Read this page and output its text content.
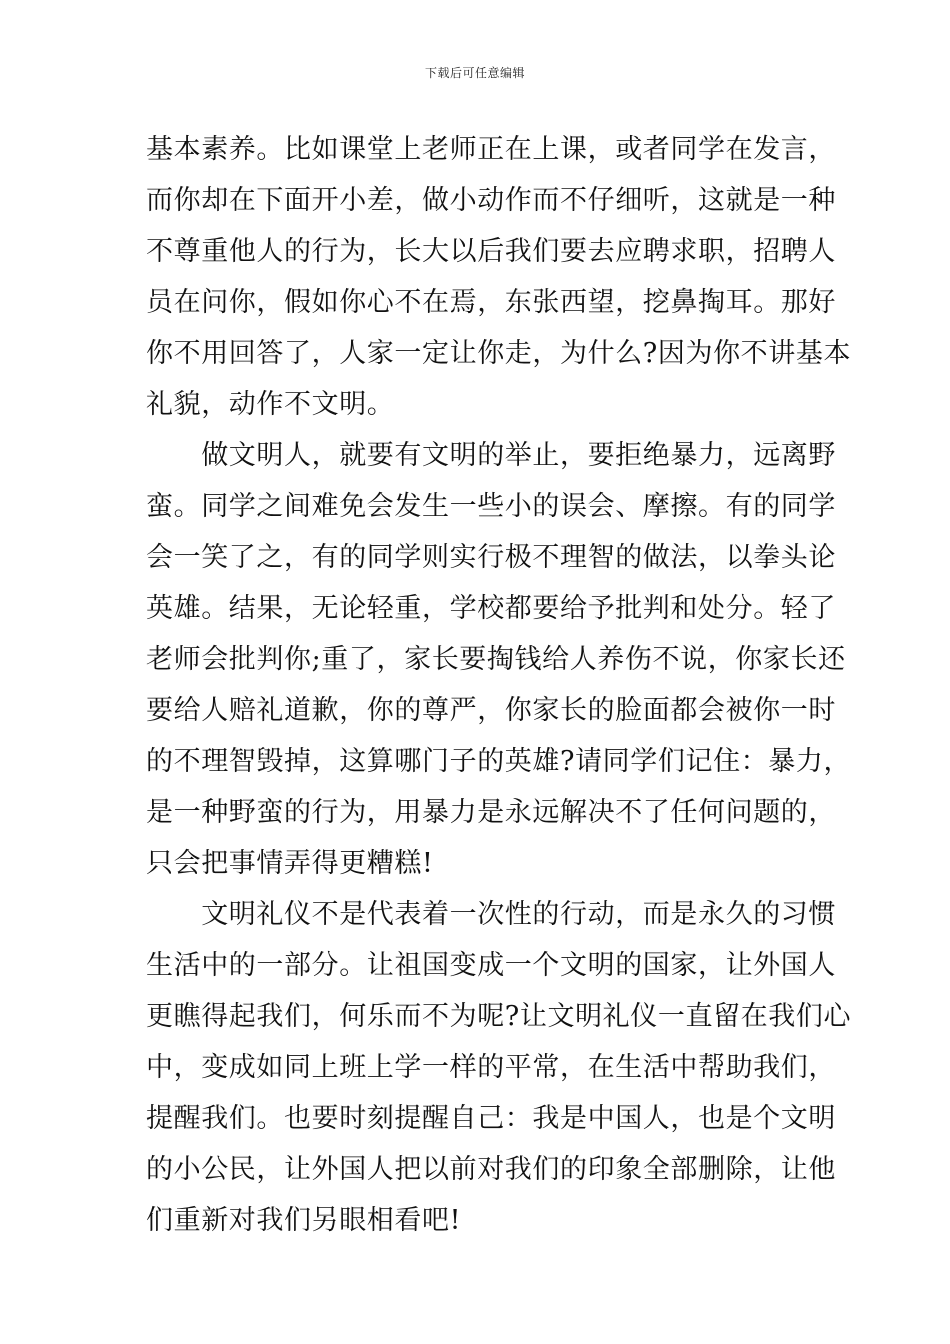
下载后可任意编辑
基本素养。比如课堂上老师正在上课，或者同学在发言，
而你却在下面开小差，做小动作而不仔细听，这就是一种
不尊重他人的行为，长大以后我们要去应聘求职，招聘人
员在问你，假如你心不在焉，东张西望，挖鼻掏耳。那好
你不用回答了，人家一定让你走，为什么?因为你不讲基本
礼貌，动作不文明。
　　做文明人，就要有文明的举止，要拒绝暴力，远离野
蛮。同学之间难免会发生一些小的误会、摩擦。有的同学
会一笑了之，有的同学则实行极不理智的做法，以拳头论
英雄。结果，无论轻重，学校都要给予批判和处分。轻了
老师会批判你;重了，家长要掏钱给人养伤不说，你家长还
要给人赔礼道歉，你的尊严，你家长的脸面都会被你一时
的不理智毁掉，这算哪门子的英雄?请同学们记住：暴力，
是一种野蛮的行为，用暴力是永远解决不了任何问题的，
只会把事情弄得更糟糕!
　　文明礼仪不是代表着一次性的行动，而是永久的习惯
生活中的一部分。让祖国变成一个文明的国家，让外国人
更瞧得起我们，何乐而不为呢?让文明礼仪一直留在我们心
中，变成如同上班上学一样的平常，在生活中帮助我们，
提醒我们。也要时刻提醒自己：我是中国人，也是个文明
的小公民，让外国人把以前对我们的印象全部删除，让他
们重新对我们另眼相看吧!
